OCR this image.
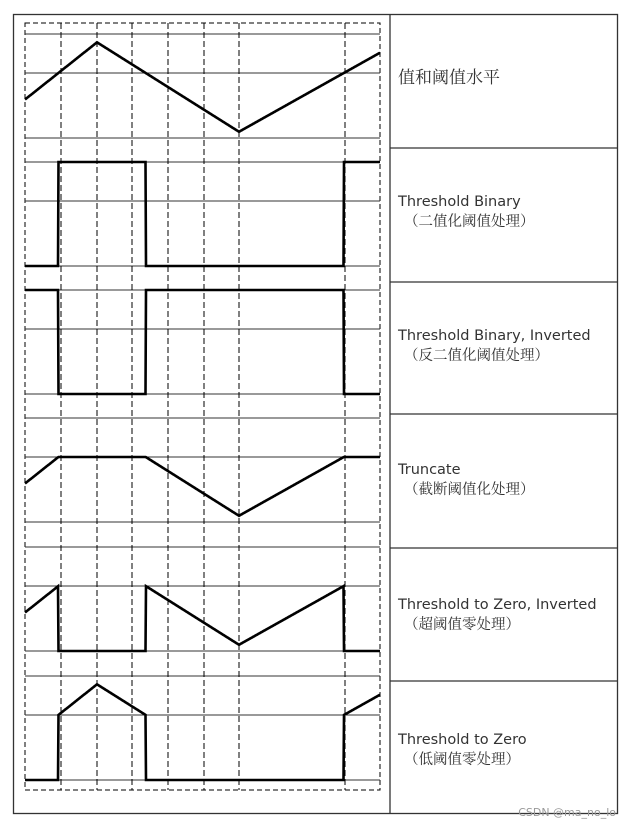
值和阈值水平
Threshold Binary
（二值化阈值处理）
Threshold Binary, Inverted
（反二值化阈值处理）
Truncate
（截断阈值化处理）
Threshold to Zero, Inverted
（超阈值零处理）
Threshold to Zero
（低阈值零处理）
CSDN @ma_no_lo
